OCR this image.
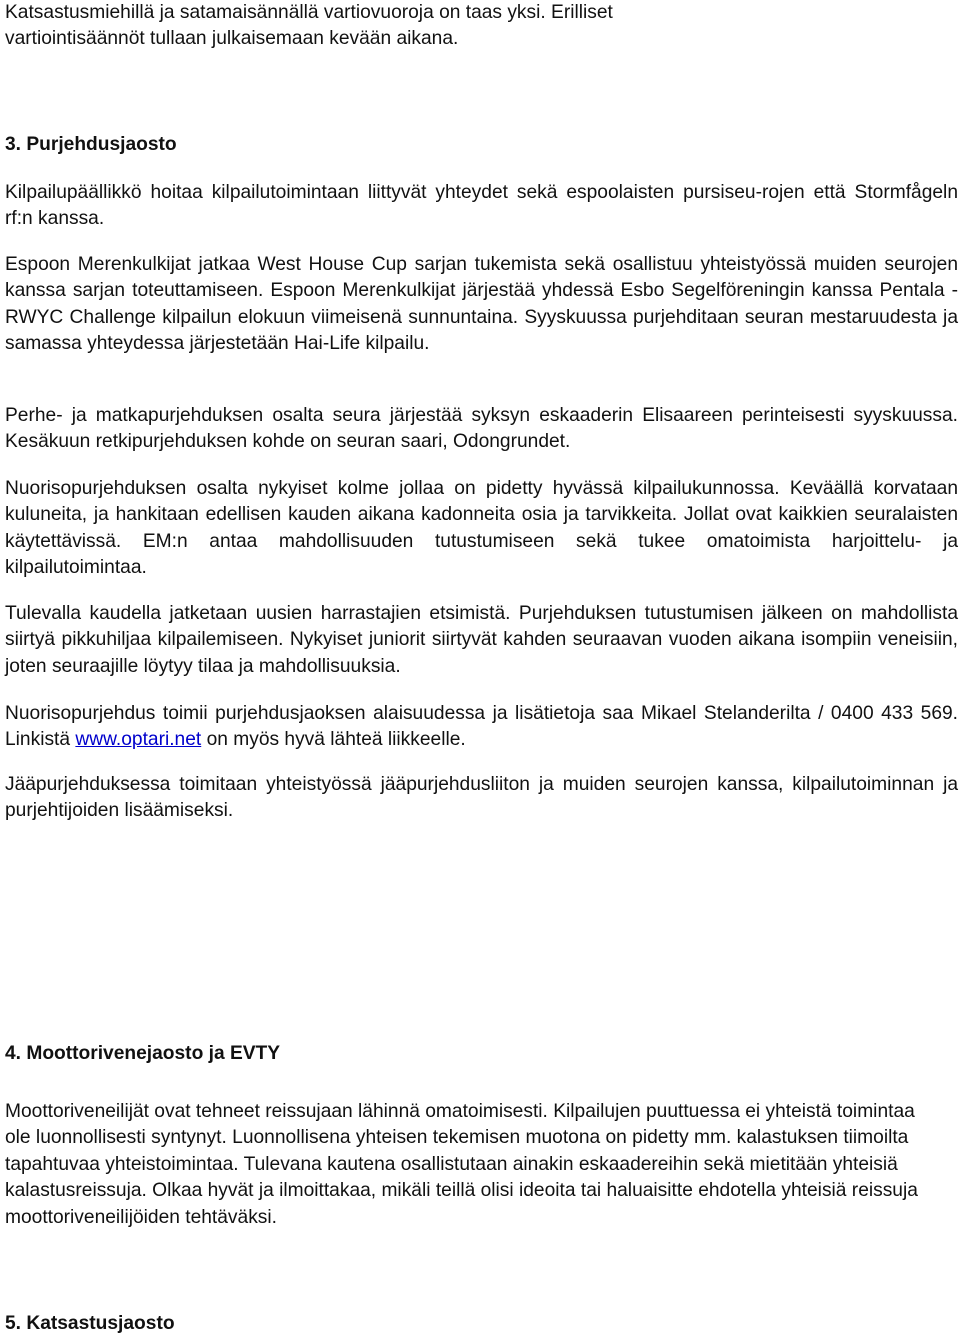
Katsastusmiehillä ja satamaisännällä vartiovuoroja on taas yksi. Erilliset vartiointisäännöt tullaan julkaisemaan kevään aikana.

3. Purjehdusjaosto

Kilpailupäällikkö hoitaa kilpailutoimintaan liittyvät yhteydet sekä espoolaisten pursiseu-rojen että Stormfågeln rf:n kanssa.

Espoon Merenkulkijat jatkaa West House Cup sarjan tukemista sekä osallistuu yhteistyössä muiden seurojen kanssa sarjan toteuttamiseen. Espoon Merenkulkijat järjestää yhdessä Esbo Segelföreningin kanssa Pentala - RWYC Challenge kilpailun elokuun viimeisenä sunnuntaina. Syyskuussa purjehditaan seuran mestaruudesta ja samassa yhteydessa järjestetään Hai-Life kilpailu.

Perhe- ja matkapurjehduksen osalta seura järjestää syksyn eskaaderin Elisaareen perinteisesti syyskuussa. Kesäkuun retkipurjehduksen kohde on seuran saari, Odongrundet.

Nuorisopurjehduksen osalta nykyiset kolme jollaa on pidetty hyvässä kilpailukunnossa. Keväällä korvataan kuluneita, ja hankitaan edellisen kauden aikana kadonneita osia ja tarvikkeita. Jollat ovat kaikkien seuralaisten käytettävissä. EM:n antaa mahdollisuuden tutustumiseen sekä tukee omatoimista harjoittelu- ja kilpailutoimintaa.

Tulevalla kaudella jatketaan uusien harrastajien etsimistä. Purjehduksen tutustumisen jälkeen on mahdollista siirtyä pikkuhiljaa kilpailemiseen. Nykyiset juniorit siirtyvät kahden seuraavan vuoden aikana isompiin veneisiin, joten seuraajille löytyy tilaa ja mahdollisuuksia.

Nuorisopurjehdus toimii purjehdusjaoksen alaisuudessa ja lisätietoja saa Mikael Stelanderilta / 0400 433 569. Linkistä www.optari.net on myös hyvä lähteä liikkeelle.

Jääpurjehduksessa toimitaan yhteistyössä jääpurjehdusliiton ja muiden seurojen kanssa, kilpailutoiminnan ja purjehtijoiden lisäämiseksi.

4. Moottorivenejaosto ja EVTY

Moottoriveneilijät ovat tehneet reissujaan lähinnä omatoimisesti. Kilpailujen puuttuessa ei yhteistä toimintaa ole luonnollisesti syntynyt. Luonnollisena yhteisen tekemisen muotona on pidetty mm. kalastuksen tiimoilta tapahtuvaa yhteistoimintaa. Tulevana kautena osallistutaan ainakin eskaadereihin sekä mietitään yhteisiä kalastusreissuja. Olkaa hyvät ja ilmoittakaa, mikäli teillä olisi ideoita tai haluaisitte ehdotella yhteisiä reissuja moottoriveneilijöiden tehtäväksi.

5. Katsastusjaosto
